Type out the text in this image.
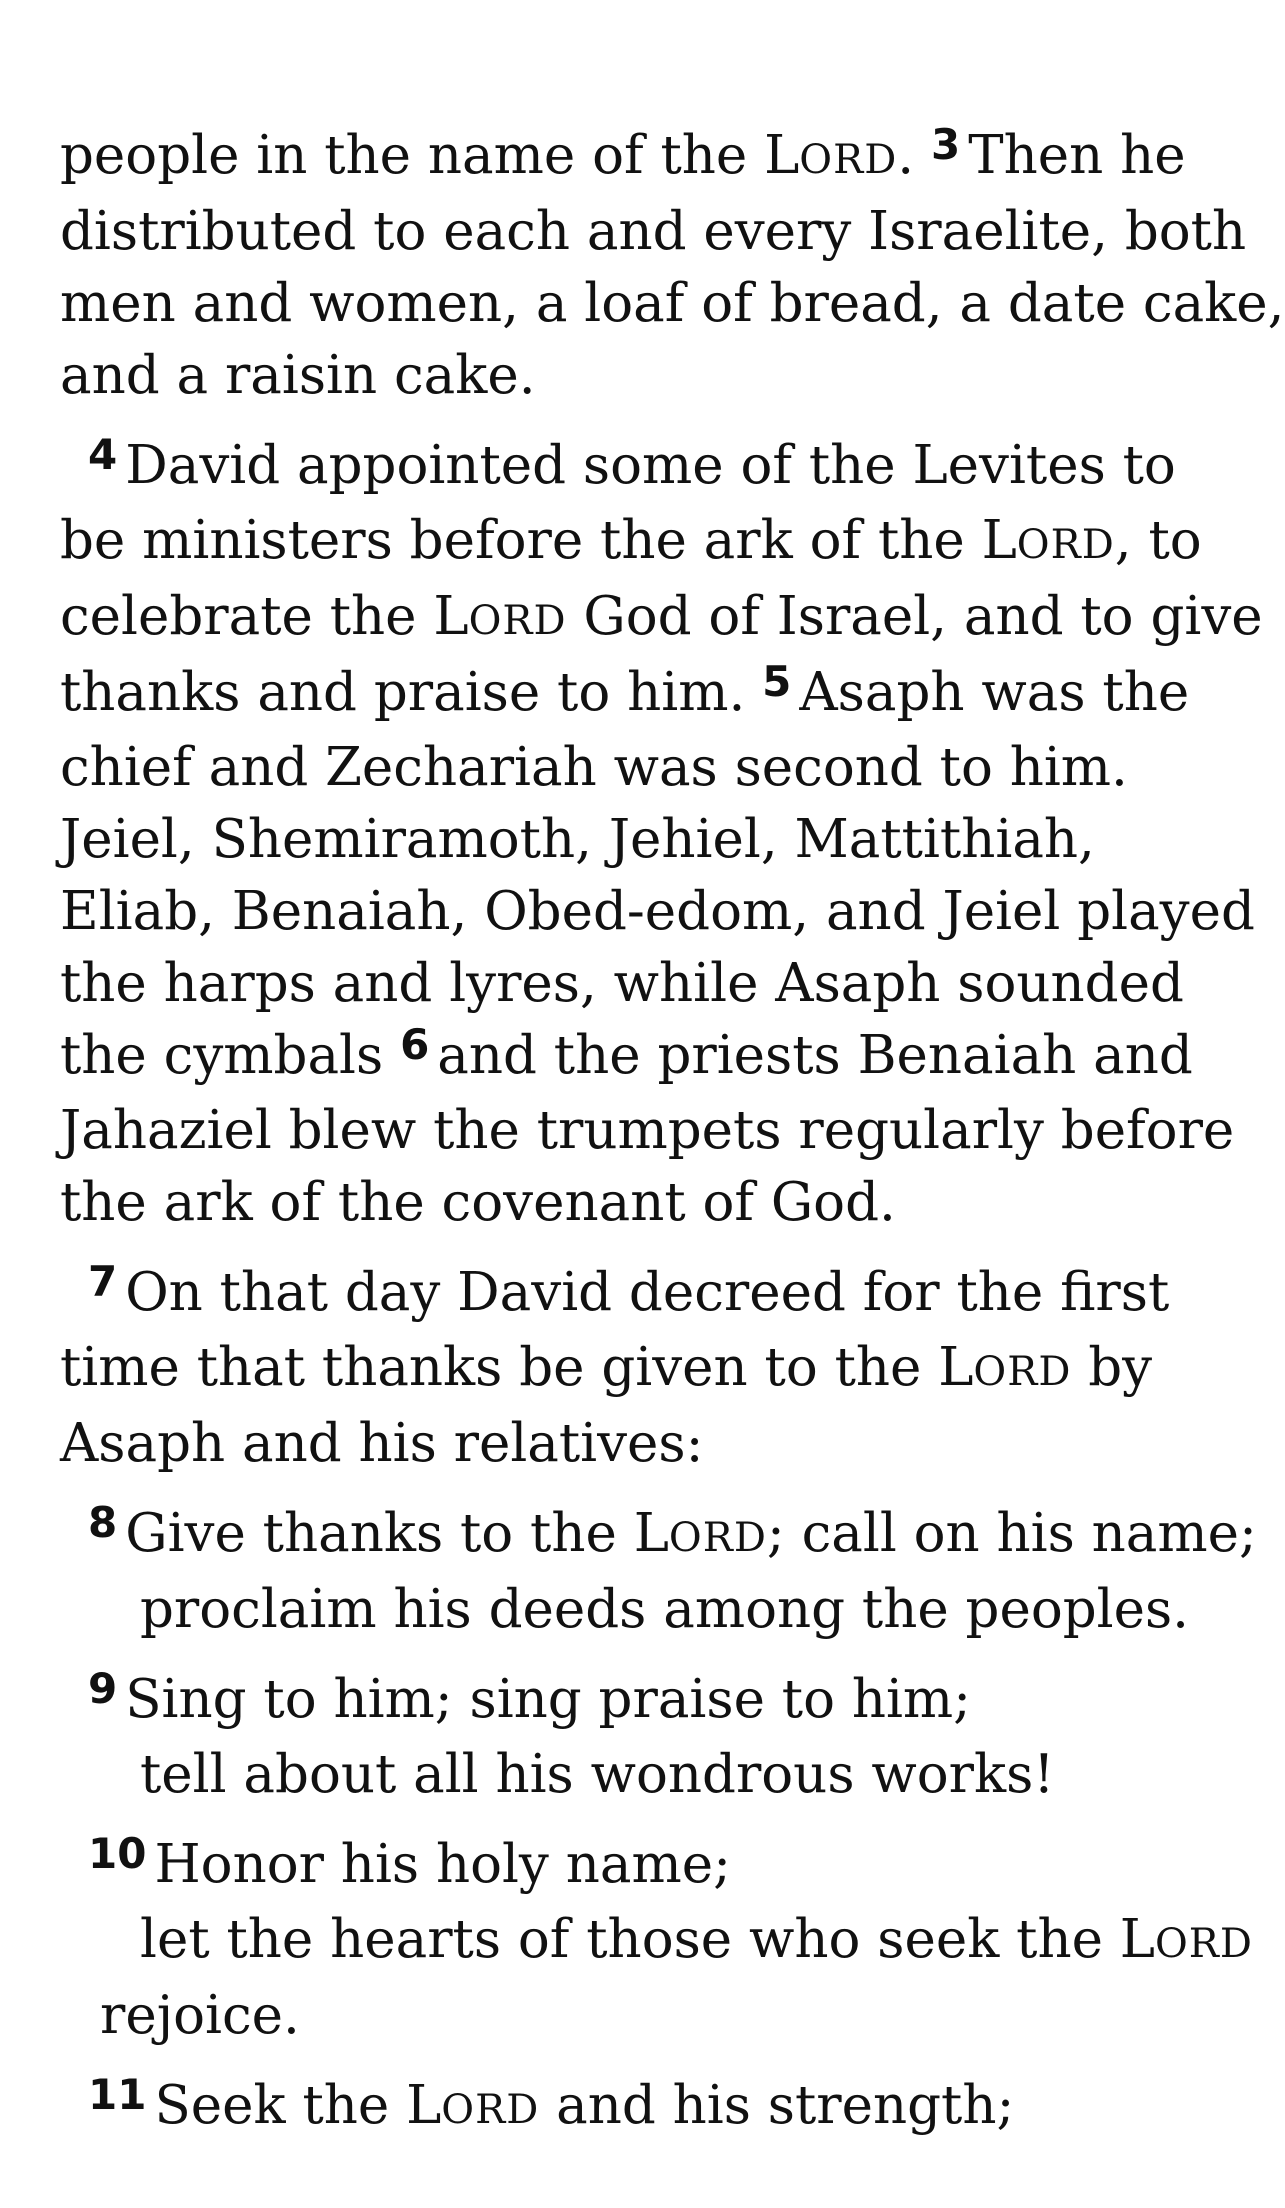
people in the name of the LORD. $^3$ Then he
distributed to each and every Israelite, both
men and women, a loaf of bread, a date cake,
and a raisin cake.
$^4$ David appointed some of the Levites to
be ministers before the ark of the LORD, to
celebrate the LORD God of Israel, and to give
thanks and praise to him. $^5$ Asaph was the
chief and Zechariah was second to him.
Jeiel, Shemiramoth, Jehiel, Mattithiah,
Eliab, Benaiah, Obed-edom, and Jeiel played
the harps and lyres, while Asaph sounded
the cymbals $^6$ and the priests Benaiah and
Jahaziel blew the trumpets regularly before
the ark of the covenant of God.
$^7$ On that day David decreed for the first
time that thanks be given to the LORD by
Asaph and his relatives:
$^8$ Give thanks to the LORD; call on his name;
proclaim his deeds among the peoples.
$^9$ Sing to him; sing praise to him;
tell about all his wondrous works!
$^{10}$ Honor his holy name;
let the hearts of those who seek the LORD
rejoice.
$^{11}$ Seek the LORD and his strength;
